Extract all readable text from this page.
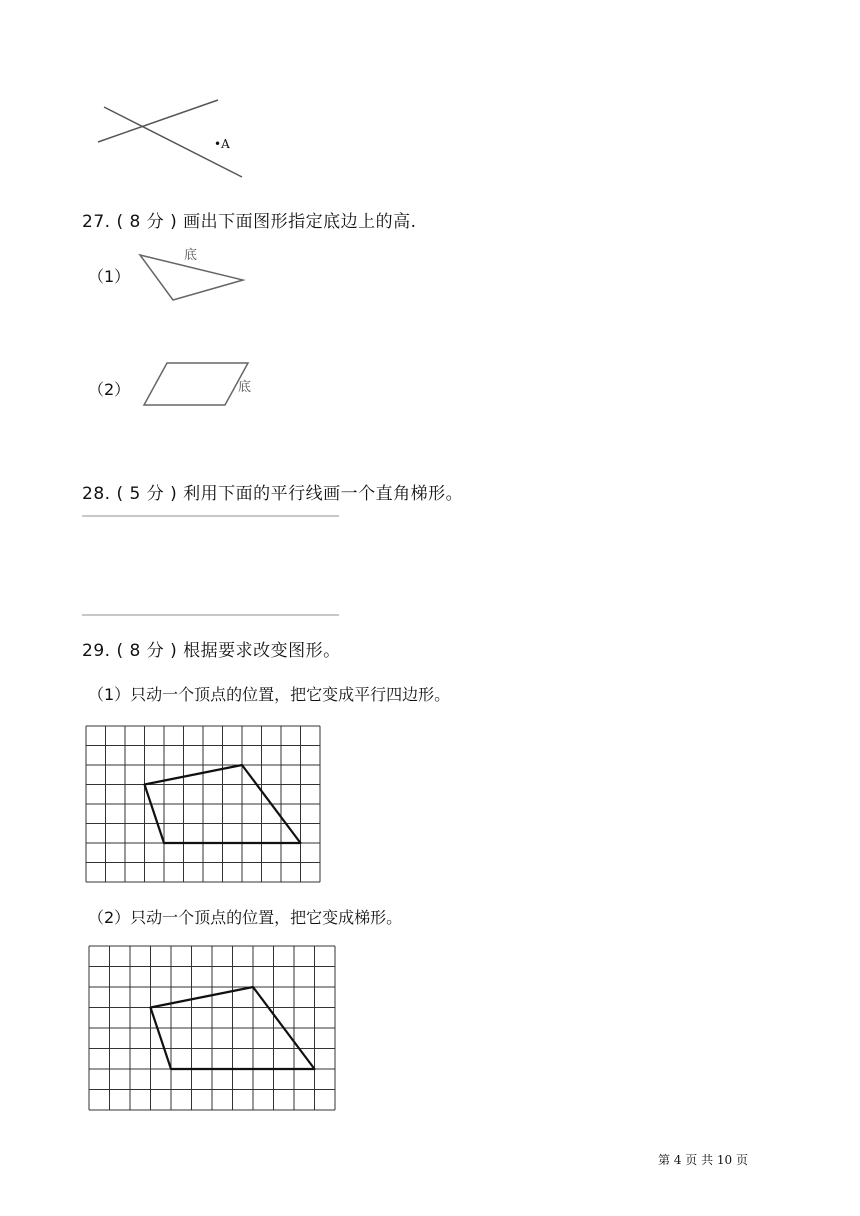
•A
27. ( 8 分 ) 画出下面图形指定底边上的高.
（1）
底
（2）	底
28. ( 5 分 ) 利用下面的平行线画一个直角梯形。
29. ( 8 分 ) 根据要求改变图形。
（1）只动一个顶点的位置，把它变成平行四边形。
（2）只动一个顶点的位置，把它变成梯形。
第 4 页 共 10 页
